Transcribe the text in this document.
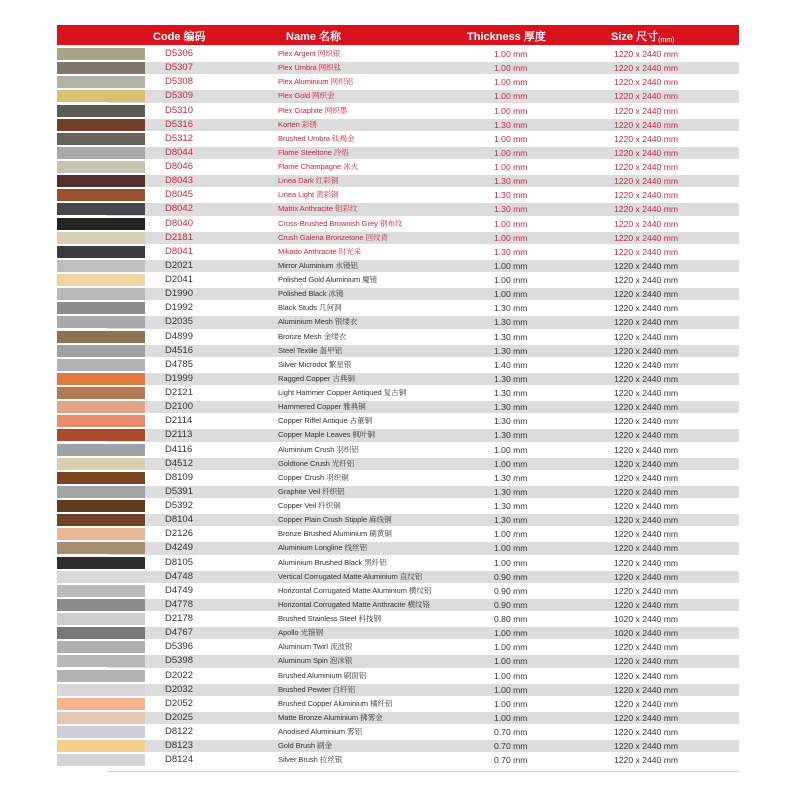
Code 编码	Name 名称	Thickness 厚度	Size 尺寸$_{(mm)}$
D5306	Plex Argent 网织银	1.00 mm	1220 x 2440 mm
D5307	Plex Umbra 网织钛	1.00 mm	1220 x 2440 mm
D5308	Plex Aluminium 网织铝	1.00 mm	1220 x 2440 mm
D5309	Plex Gold 网织金	1.00 mm	1220 x 2440 mm
D5310	Plex Graphite 网织墨	1.00 mm	1220 x 2440 mm
D5316	Korten 彩锈	1.30 mm	1220 x 2440 mm
D5312	Brushed Umbra 钛褐金	1.00 mm	1220 x 2440 mm
D8044	Flame Steeltone 冷焰	1.00 mm	1220 x 2440 mm
D8046	Flame Champagne 冰火	1.00 mm	1220 x 2440 mm
D8043	Linea Dark 红彩铜	1.30 mm	1220 x 2440 mm
D8045	Linea Light 黄彩铜	1.30 mm	1220 x 2440 mm
D8042	Matrix Anthracite 钼彩纹	1.30 mm	1220 x 2440 mm
D8040	Cross-Brushed Brownish Grey 钢布纹	1.00 mm	1220 x 2440 mm
D2181	Crush Galena Bronzetone 回纹青	1.00 mm	1220 x 2440 mm
D8041	Mikado Anthracite 时光采	1.30 mm	1220 x 2440 mm
D2021	Mirror Aluminium 水镜铝	1.00 mm	1220 x 2440 mm
D2041	Polished Gold Aluminium 魔镜	1.00 mm	1220 x 2440 mm
D1990	Polished Black 冰镜	1.00 mm	1220 x 2440 mm
D1992	Black Studs 几何洞	1.30 mm	1220 x 2440 mm
D2035	Aluminium Mesh 银缕衣	1.30 mm	1220 x 2440 mm
D4899	Bronze Mesh 金缕衣	1.30 mm	1220 x 2440 mm
D4516	Steel Textile 盔甲铝	1.30 mm	1220 x 2440 mm
D4785	Silver Microdot 繁星银	1.40 mm	1220 x 2440 mm
D1999	Ragged Copper 古典铜	1.30 mm	1220 x 2440 mm
D2121	Light Hammer Copper Antiqued 复古铜	1.30 mm	1220 x 2440 mm
D2100	Hammered Copper 雅典铜	1.30 mm	1220 x 2440 mm
D2114	Copper Riffel Antique 古董铜	1.30 mm	1220 x 2440 mm
D2113	Copper Maple Leaves 枫叶铜	1.30 mm	1220 x 2440 mm
D4116	Aluminium Crush 羽织铝	1.00 mm	1220 x 2440 mm
D4512	Goldtone Crush 光纤铝	1.00 mm	1220 x 2440 mm
D8109	Copper Crush 羽织铜	1.30 mm	1220 x 2440 mm
D5391	Graphite Veil 纤织铝	1.30 mm	1220 x 2440 mm
D5392	Copper Veil 纤织铜	1.30 mm	1220 x 2440 mm
D8104	Copper Plain Crush Stipple 麻线铜	1.30 mm	1220 x 2440 mm
D2126	Bronze Brushed Aluminium 刷黄铜	1.00 mm	1220 x 2440 mm
D4249	Aluminium Longline 线丝铝	1.00 mm	1220 x 2440 mm
D8105	Aluminium Brushed Black 黑纤铝	1.00 mm	1220 x 2440 mm
D4748	Vertical Corrugated Matte Aluminium 直纹铝	0.90 mm	1220 x 2440 mm
D4749	Horizontal Corrugated Matte Aluminium 横纹铝	0.90 mm	1220 x 2440 mm
D4778	Horizontal Corrugated Matte Anthracite 横纹铬	0.90 mm	1220 x 2440 mm
D2178	Brushed Stainless Steel 科技钢	0.80 mm	1020 x 2440 mm
D4767	Apollo 光箍钢	1.00 mm	1020 x 2440 mm
D5396	Aluminum Twirl 流波银	1.00 mm	1220 x 2440 mm
D5398	Aluminum Spin 泡沫银	1.00 mm	1220 x 2440 mm
D2022	Brushed Aluminium 刷面铝	1.00 mm	1220 x 2440 mm
D2032	Brushed Pewter 白纤铝	1.00 mm	1220 x 2440 mm
D2052	Brushed Copper Aluminium 橘纤铝	1.00 mm	1220 x 2440 mm
D2025	Matte Bronze Aluminium 拂雾金	1.00 mm	1220 x 2440 mm
D8122	Anodised Aluminium 雾铝	0.70 mm	1220 x 2440 mm
D8123	Gold Brush 刷金	0.70 mm	1220 x 2440 mm
D8124	Silver Brush 拉丝银	0.70 mm	1220 x 2440 mm
